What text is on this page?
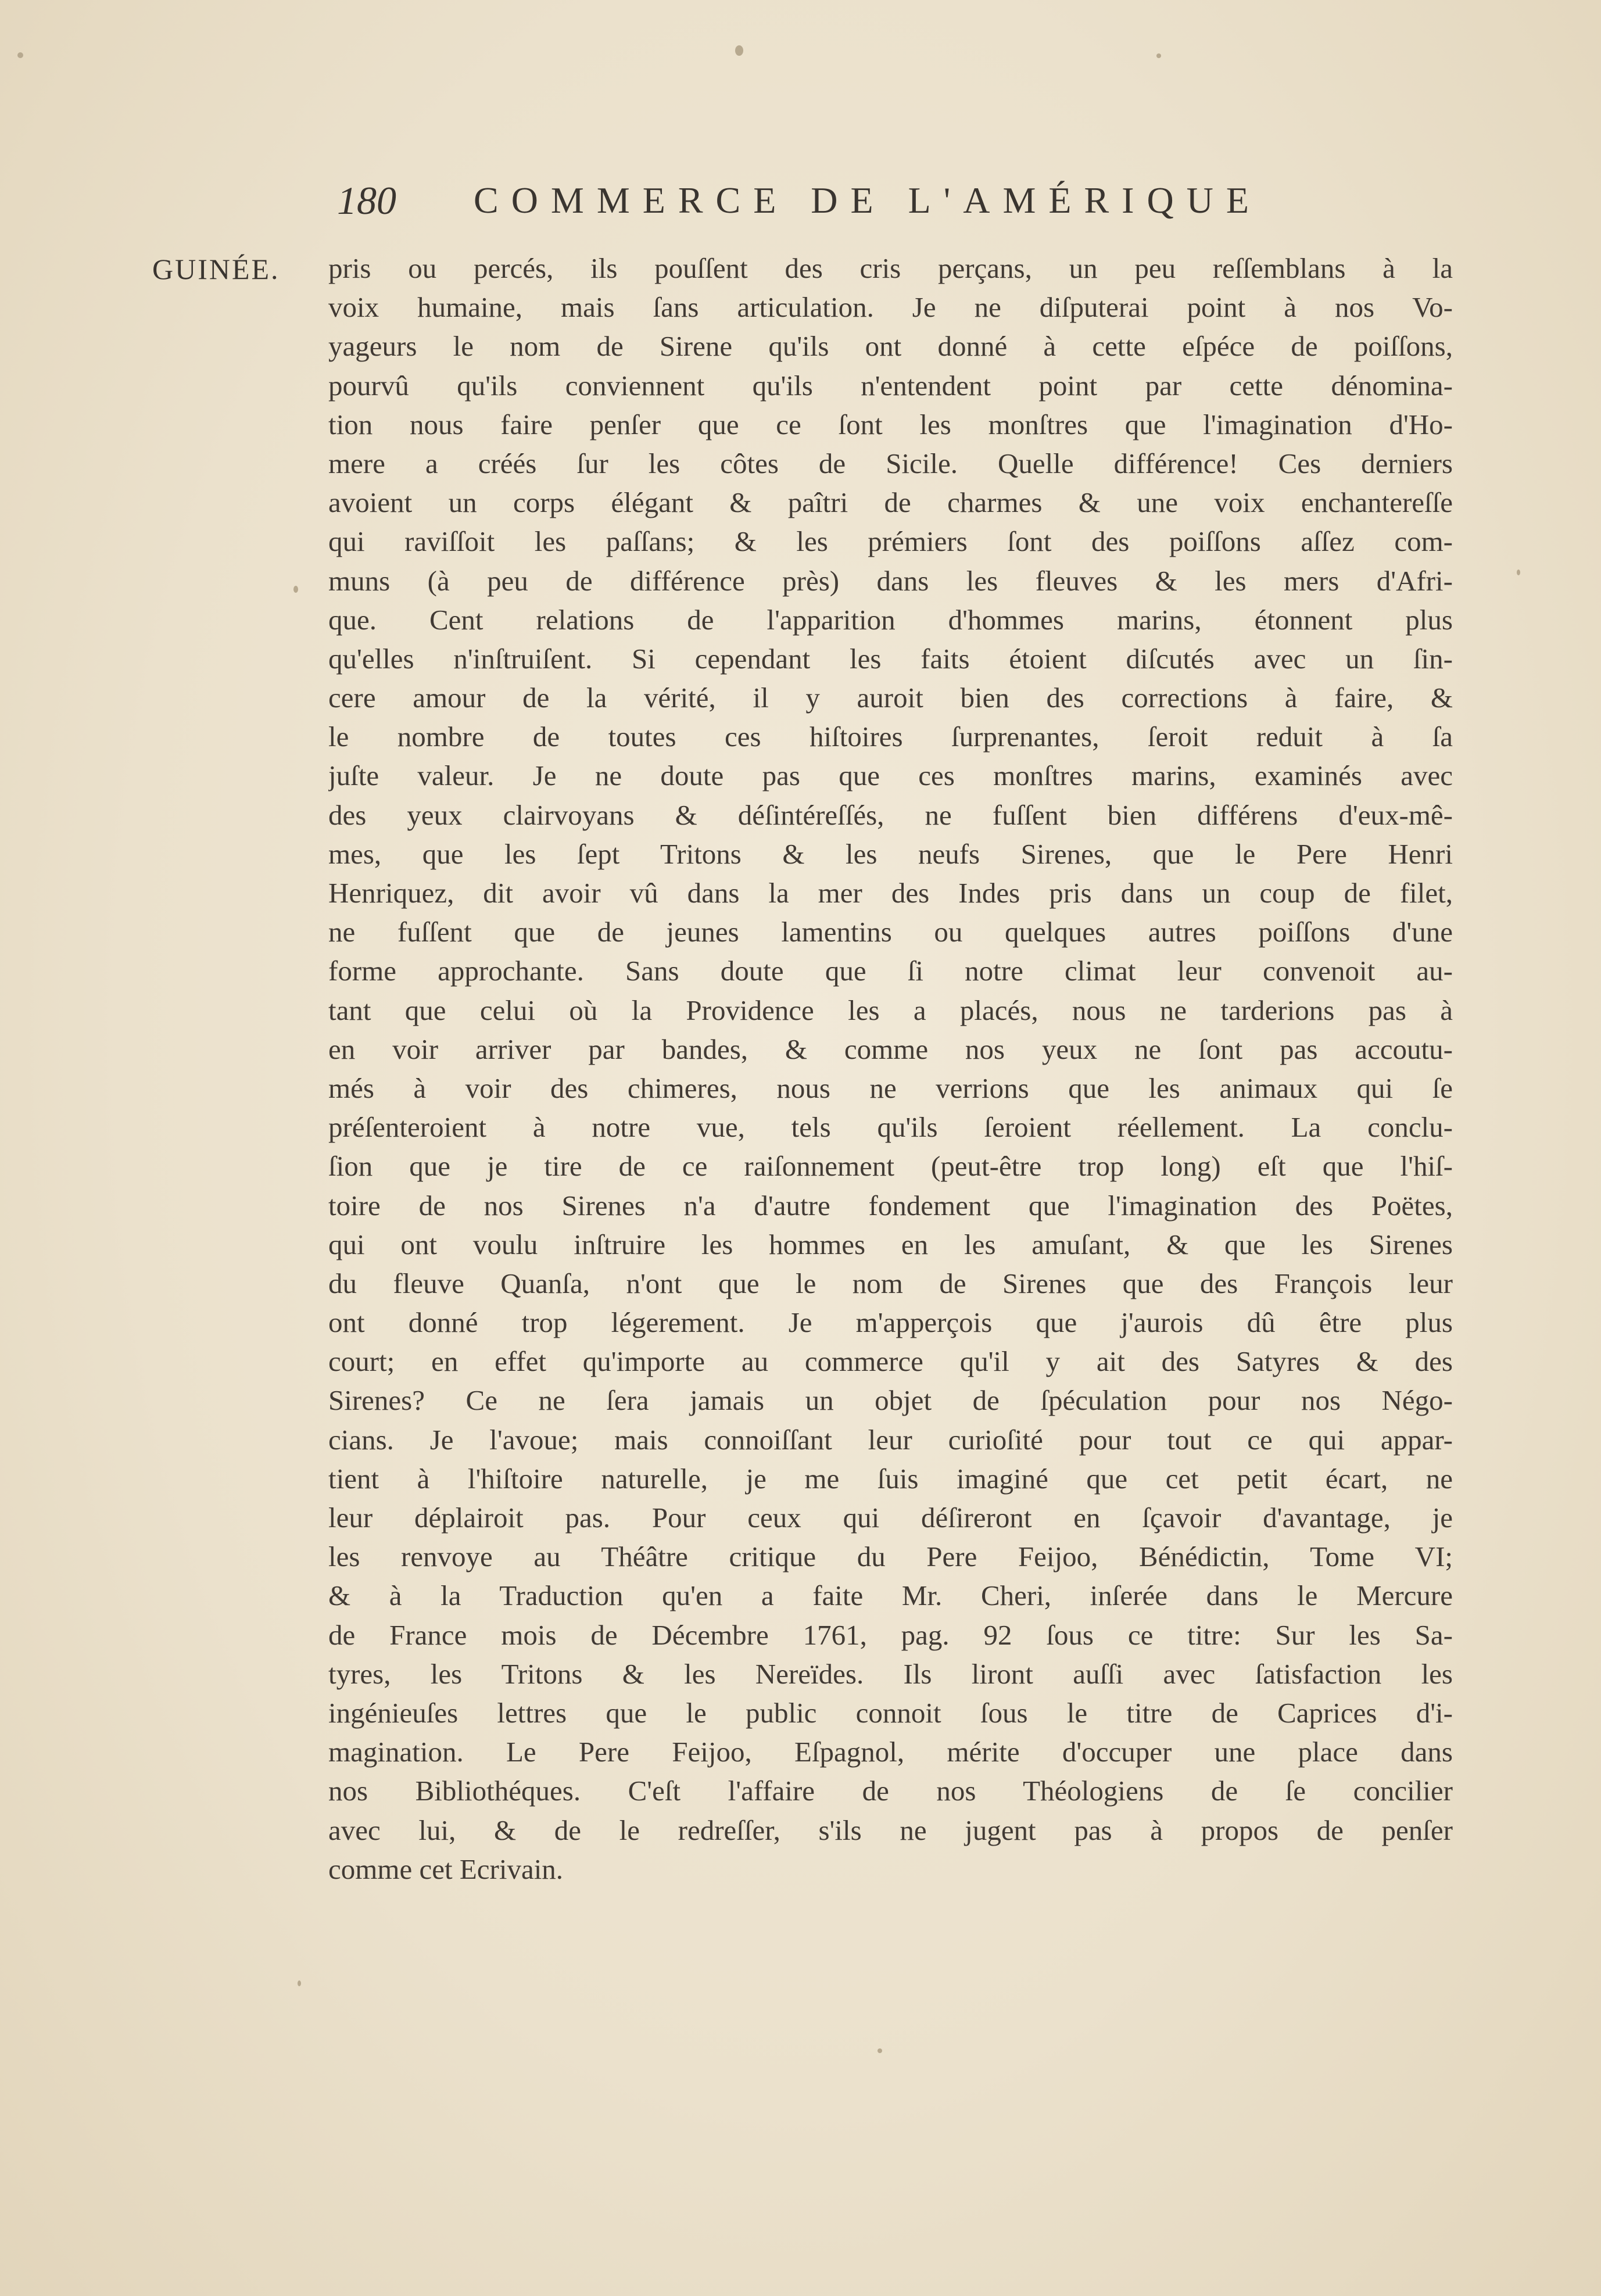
180 COMMERCE DE L'AMÉRIQUE
GUINÉE. pris ou percés, ils pouſſent des cris perçans, un peu reſſemblans à la
voix humaine, mais ſans articulation. Je ne diſputerai point à nos Vo-
yageurs le nom de Sirene qu'ils ont donné à cette eſpéce de poiſſons,
pourvû qu'ils conviennent qu'ils n'entendent point par cette dénomina-
tion nous faire penſer que ce ſont les monſtres que l'imagination d'Ho-
mere a créés ſur les côtes de Sicile. Quelle différence! Ces derniers
avoient un corps élégant & paîtri de charmes & une voix enchantereſſe
qui raviſſoit les paſſans; & les prémiers ſont des poiſſons aſſez com-
muns (à peu de différence près) dans les fleuves & les mers d'Afri-
que. Cent relations de l'apparition d'hommes marins, étonnent plus
qu'elles n'inſtruiſent. Si cependant les faits étoient diſcutés avec un ſin-
cere amour de la vérité, il y auroit bien des corrections à faire, &
le nombre de toutes ces hiſtoires ſurprenantes, ſeroit reduit à ſa
juſte valeur. Je ne doute pas que ces monſtres marins, examinés avec
des yeux clairvoyans & déſintéreſſés, ne fuſſent bien différens d'eux-mê-
mes, que les ſept Tritons & les neufs Sirenes, que le Pere Henri
Henriquez, dit avoir vû dans la mer des Indes pris dans un coup de filet,
ne fuſſent que de jeunes lamentins ou quelques autres poiſſons d'une
forme approchante. Sans doute que ſi notre climat leur convenoit au-
tant que celui où la Providence les a placés, nous ne tarderions pas à
en voir arriver par bandes, & comme nos yeux ne ſont pas accoutu-
més à voir des chimeres, nous ne verrions que les animaux qui ſe
préſenteroient à notre vue, tels qu'ils ſeroient réellement. La conclu-
ſion que je tire de ce raiſonnement (peut-être trop long) eſt que l'hiſ-
toire de nos Sirenes n'a d'autre fondement que l'imagination des Poëtes,
qui ont voulu inſtruire les hommes en les amuſant, & que les Sirenes
du fleuve Quanſa, n'ont que le nom de Sirenes que des François leur
ont donné trop légerement. Je m'apperçois que j'aurois dû être plus
court; en effet qu'importe au commerce qu'il y ait des Satyres & des
Sirenes? Ce ne ſera jamais un objet de ſpéculation pour nos Négo-
cians. Je l'avoue; mais connoiſſant leur curioſité pour tout ce qui appar-
tient à l'hiſtoire naturelle, je me ſuis imaginé que cet petit écart, ne
leur déplairoit pas. Pour ceux qui déſireront en ſçavoir d'avantage, je
les renvoye au Théâtre critique du Pere Feijoo, Bénédictin, Tome VI;
& à la Traduction qu'en a faite Mr. Cheri, inſerée dans le Mercure
de France mois de Décembre 1761, pag. 92 ſous ce titre: Sur les Sa-
tyres, les Tritons & les Nereïdes. Ils liront auſſi avec ſatisfaction les
ingénieuſes lettres que le public connoit ſous le titre de Caprices d'i-
magination. Le Pere Feijoo, Eſpagnol, mérite d'occuper une place dans
nos Bibliothéques. C'eſt l'affaire de nos Théologiens de ſe concilier
avec lui, & de le redreſſer, s'ils ne jugent pas à propos de penſer
comme cet Ecrivain.
